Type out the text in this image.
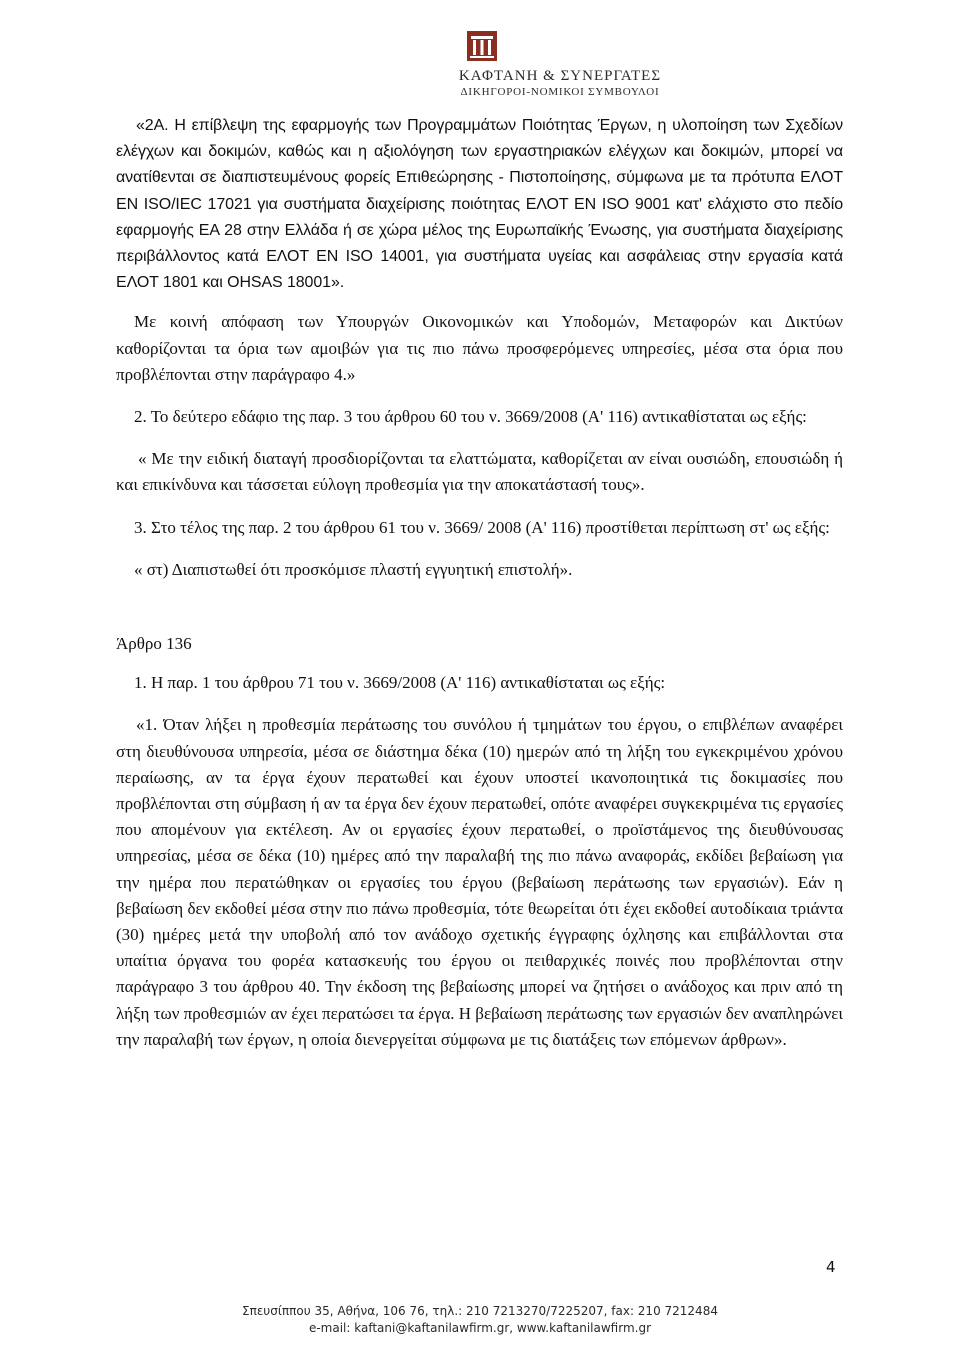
ΚΑΦΤΑΝΗ & ΣΥΝΕΡΓΑΤΕΣ
ΔΙΚΗΓΟΡΟΙ-ΝΟΜΙΚΟΙ ΣΥΜΒΟΥΛΟΙ

«2Α. Η επίβλεψη της εφαρμογής των Προγραμμάτων Ποιότητας Έργων, η υλοποίηση των Σχεδίων ελέγχων και δοκιμών, καθώς και η αξιολόγηση των εργαστηριακών ελέγχων και δοκιμών, μπορεί να ανατίθενται σε διαπιστευμένους φορείς Επιθεώρησης - Πιστοποίησης, σύμφωνα με τα πρότυπα ΕΛΟΤ ΕΝ ISO/IEC 17021 για συστήματα διαχείρισης ποιότητας ΕΛΟΤ ΕΝ ISO 9001 κατ' ελάχιστο στο πεδίο εφαρμογής ΕΑ 28 στην Ελλάδα ή σε χώρα μέλος της Ευρωπαϊκής Ένωσης, για συστήματα διαχείρισης περιβάλλοντος κατά ΕΛΟΤ ΕΝ ISO 14001, για συστήματα υγείας και ασφάλειας στην εργασία κατά ΕΛΟΤ 1801 και OHSAS 18001».

Με κοινή απόφαση των Υπουργών Οικονομικών και Υποδομών, Μεταφορών και Δικτύων καθορίζονται τα όρια των αμοιβών για τις πιο πάνω προσφερόμενες υπηρεσίες, μέσα στα όρια που προβλέπονται στην παράγραφο 4.»

2. Το δεύτερο εδάφιο της παρ. 3 του άρθρου 60 του ν. 3669/2008 (Α' 116) αντικαθίσταται ως εξής:

« Με την ειδική διαταγή προσδιορίζονται τα ελαττώματα, καθορίζεται αν είναι ουσιώδη, επουσιώδη ή και επικίνδυνα και τάσσεται εύλογη προθεσμία για την αποκατάστασή τους».

3. Στο τέλος της παρ. 2 του άρθρου 61 του ν. 3669/ 2008 (Α' 116) προστίθεται περίπτωση στ' ως εξής:

« στ) Διαπιστωθεί ότι προσκόμισε πλαστή εγγυητική επιστολή».

Άρθρο 136

1. Η παρ. 1 του άρθρου 71 του ν. 3669/2008 (Α' 116) αντικαθίσταται ως εξής:

«1. Όταν λήξει η προθεσμία περάτωσης του συνόλου ή τμημάτων του έργου, ο επιβλέπων αναφέρει στη διευθύνουσα υπηρεσία, μέσα σε διάστημα δέκα (10) ημερών από τη λήξη του εγκεκριμένου χρόνου περαίωσης, αν τα έργα έχουν περατωθεί και έχουν υποστεί ικανοποιητικά τις δοκιμασίες που προβλέπονται στη σύμβαση ή αν τα έργα δεν έχουν περατωθεί, οπότε αναφέρει συγκεκριμένα τις εργασίες που απομένουν για εκτέλεση. Αν οι εργασίες έχουν περατωθεί, ο προϊστάμενος της διευθύνουσας υπηρεσίας, μέσα σε δέκα (10) ημέρες από την παραλαβή της πιο πάνω αναφοράς, εκδίδει βεβαίωση για την ημέρα που περατώθηκαν οι εργασίες του έργου (βεβαίωση περάτωσης των εργασιών). Εάν η βεβαίωση δεν εκδοθεί μέσα στην πιο πάνω προθεσμία, τότε θεωρείται ότι έχει εκδοθεί αυτοδίκαια τριάντα (30) ημέρες μετά την υποβολή από τον ανάδοχο σχετικής έγγραφης όχλησης και επιβάλλονται στα υπαίτια όργανα του φορέα κατασκευής του έργου οι πειθαρχικές ποινές που προβλέπονται στην παράγραφο 3 του άρθρου 40. Την έκδοση της βεβαίωσης μπορεί να ζητήσει ο ανάδοχος και πριν από τη λήξη των προθεσμιών αν έχει περατώσει τα έργα. Η βεβαίωση περάτωσης των εργασιών δεν αναπληρώνει την παραλαβή των έργων, η οποία διενεργείται σύμφωνα με τις διατάξεις των επόμενων άρθρων».

4
Σπευσίππου 35, Αθήνα, 106 76, τηλ.: 210 7213270/7225207, fax: 210 7212484
e-mail: kaftani@kaftanilawfirm.gr, www.kaftanilawfirm.gr
